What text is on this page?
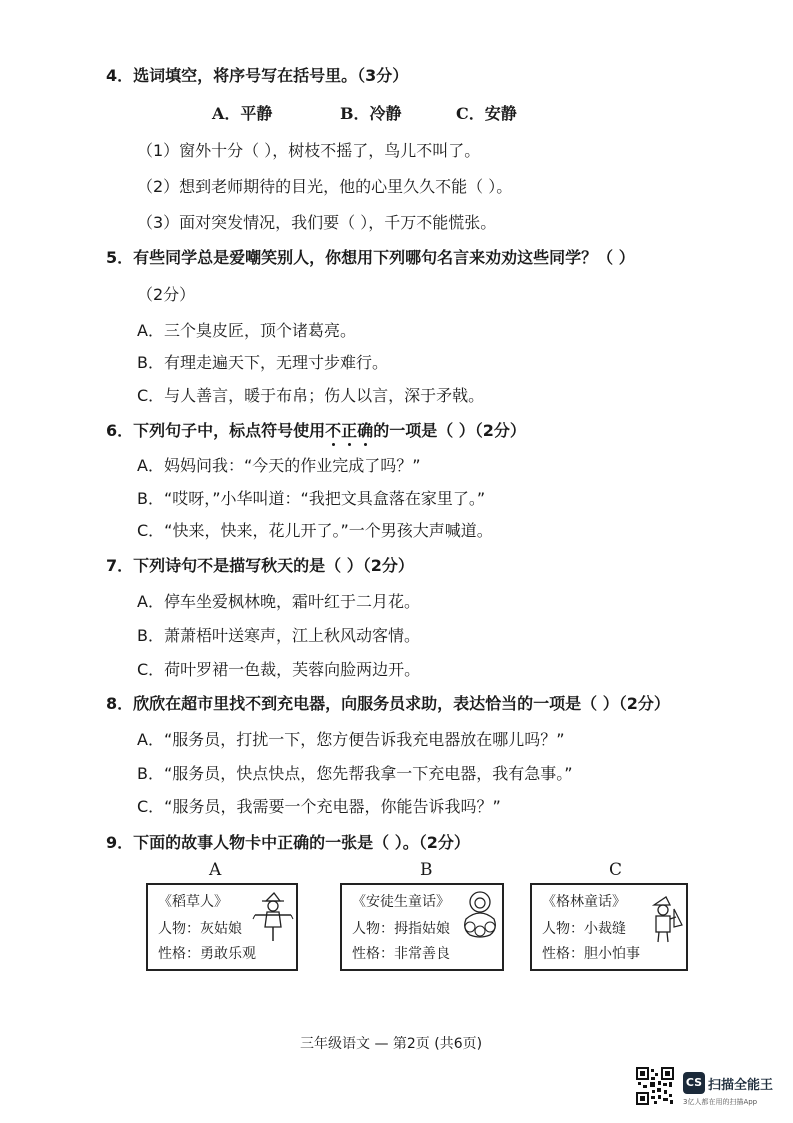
4．选词填空，将序号写在括号里。（3分）
A．平静	B．冷静	C．安静
（1）窗外十分（ ），树枝不摇了，鸟儿不叫了。
（2）想到老师期待的目光，他的心里久久不能（ ）。
（3）面对突发情况，我们要（ ），千万不能慌张。
5．有些同学总是爱嘲笑别人，你想用下列哪句名言来劝劝这些同学？（ ）
（2分）
A．三个臭皮匠，顶个诸葛亮。
B．有理走遍天下，无理寸步难行。
C．与人善言，暖于布帛；伤人以言，深于矛戟。
6．下列句子中，标点符号使用不正确的一项是（ ）（2分）
A．妈妈问我：“今天的作业完成了吗？”
B．“哎呀，”小华叫道：“我把文具盒落在家里了。”
C．“快来，快来，花儿开了。”一个男孩大声喊道。
7．下列诗句不是描写秋天的是（ ）（2分）
A．停车坐爱枫林晚，霜叶红于二月花。
B．萧萧梧叶送寒声，江上秋风动客情。
C．荷叶罗裙一色裁，芙蓉向脸两边开。
8．欣欣在超市里找不到充电器，向服务员求助，表达恰当的一项是（ ）（2分）
A．“服务员，打扰一下，您方便告诉我充电器放在哪儿吗？”
B．“服务员，快点快点，您先帮我拿一下充电器，我有急事。”
C．“服务员，我需要一个充电器，你能告诉我吗？”
9．下面的故事人物卡中正确的一张是（ ）。（2分）
A	B	C
《稻草人》
人物：灰姑娘
性格：勇敢乐观
《安徒生童话》
人物：拇指姑娘
性格：非常善良
《格林童话》
人物：小裁缝
性格：胆小怕事
三年级语文 — 第2页 (共6页)
CS 扫描全能王
3亿人都在用的扫描App
